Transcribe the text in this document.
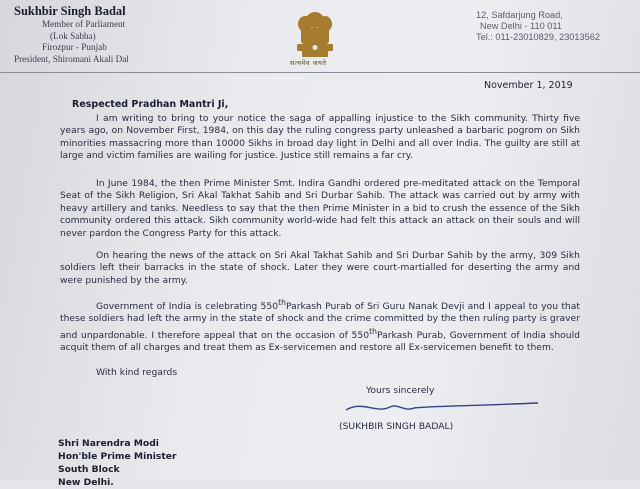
Sukhbir Singh Badal
Member of Parliament
(Lok Sabha)
Firozpur - Punjab
President, Shiromani Akali Dal	सत्यमेव जयते
12, Safdarjung Road,
New Delhi - 110 011
Tel.: 011-23010829, 23013562
November 1, 2019
Respected Pradhan Mantri Ji,
I am writing to bring to your notice the saga of appalling injustice to the Sikh community. Thirty five years ago, on November First, 1984, on this day the ruling congress party unleashed a barbaric pogrom on Sikh minorities massacring more than 10000 Sikhs in broad day light in Delhi and all over India. The guilty are still at large and victim families are wailing for justice. Justice still remains a far cry.
In June 1984, the then Prime Minister Smt. Indira Gandhi ordered pre-meditated attack on the Temporal Seat of the Sikh Religion, Sri Akal Takhat Sahib and Sri Durbar Sahib. The attack was carried out by army with heavy artillery and tanks. Needless to say that the then Prime Minister in a bid to crush the essence of the Sikh community ordered this attack. Sikh community world-wide had felt this attack an attack on their souls and will never pardon the Congress Party for this attack.
On hearing the news of the attack on Sri Akal Takhat Sahib and Sri Durbar Sahib by the army, 309 Sikh soldiers left their barracks in the state of shock. Later they were court-martialled for deserting the army and were punished by the army.
Government of India is celebrating 550thParkash Purab of Sri Guru Nanak Devji and I appeal to you that these soldiers had left the army in the state of shock and the crime committed by the then ruling party is graver and unpardonable. I therefore appeal that on the occasion of 550thParkash Purab, Government of India should acquit them of all charges and treat them as Ex-servicemen and restore all Ex-servicemen benefit to them.
With kind regards
Yours sincerely
(SUKHBIR SINGH BADAL)
Shri Narendra Modi
Hon'ble Prime Minister
South Block
New Delhi.
